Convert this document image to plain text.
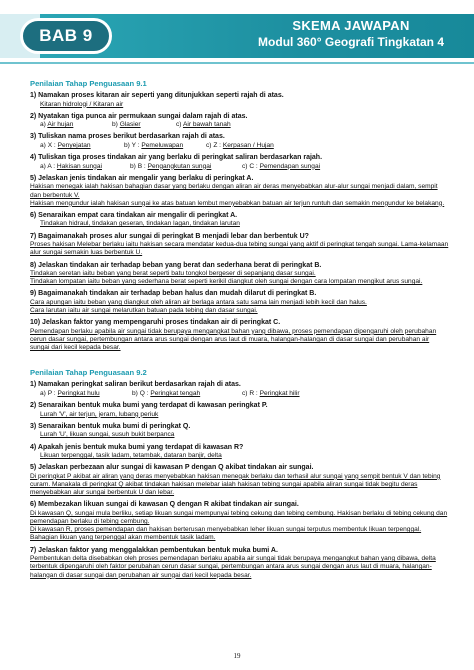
BAB 9
SKEMA JAWAPAN
Modul 360° Geografi Tingkatan 4
Penilaian Tahap Penguasaan 9.1
1) Namakan proses kitaran air seperti yang ditunjukkan seperti rajah di atas.
Kitaran hidrologi / Kitaran air
2) Nyatakan tiga punca air permukaan sungai dalam rajah di atas.
a) Air hujan	b) Glasier	c) Air bawah tanah
3) Tuliskan nama proses berikut berdasarkan rajah di atas.
a) X : Penyejatan	b) Y : Pemeluwapan	c) Z : Kerpasan / Hujan
4) Tuliskan tiga proses tindakan air yang berlaku di peringkat saliran berdasarkan rajah.
a) A : Hakisan sungai	b) B : Pengangkutan sungai	c) C : Pemendapan sungai
5) Jelaskan jenis tindakan air mengalir yang berlaku di peringkat A.
Hakisan menegak ialah hakisan bahagian dasar yang berlaku dengan aliran air deras menyebabkan alur-alur sungai menjadi dalam, sempit dan berbentuk V.
Hakisan mengundur ialah hakisan sungai ke atas batuan lembut menyebabkan batuan air terjun runtuh dan semakin mengundur ke belakang.
6) Senaraikan empat cara tindakan air mengalir di peringkat A.
Tindakan hidraul, tindakan geseran, tindakan lagan, tindakan larutan
7) Bagaimanakah proses alur sungai di peringkat B menjadi lebar dan berbentuk U?
Proses hakisan Melebar berlaku iaitu hakisan secara mendatar kedua-dua tebing sungai yang aktif di peringkat tengah sungai. Lama-kelamaan alur sungai semakin luas berbentuk U.
8) Jelaskan tindakan air terhadap beban yang berat dan sederhana berat di peringkat B.
Tindakan seretan iaitu beban yang berat seperti batu tongkol bergeser di sepanjang dasar sungai.
Tindakan lompatan iaitu beban yang sederhana berat seperti kerikil diangkut oleh sungai dengan cara lompatan mengikut arus sungai.
9) Bagaimanakah tindakan air terhadap beban halus dan mudah dilarut di peringkat B.
Cara apungan iaitu beban yang diangkut oleh aliran air berlaga antara satu sama lain menjadi lebih kecil dan halus.
Cara larutan iaitu air sungai melarutkan batuan pada tebing dan dasar sungai.
10) Jelaskan faktor yang mempengaruhi proses tindakan air di peringkat C.
Pemendapan berlaku apabila air sungai tidak berupaya mengangkat bahan yang dibawa, proses pemendapan dipengaruhi oleh perubahan cerun dasar sungai, pertembungan antara arus sungai dengan arus laut di muara, halangan-halangan di dasar sungai dan perubahan air sungai dari kecil kepada besar.
Penilaian Tahap Penguasaan 9.2
1) Namakan peringkat saliran berikut berdasarkan rajah di atas.
a) P : Peringkat hulu	b) Q : Peringkat tengah	c) R : Peringkat hilir
2) Senaraikan bentuk muka bumi yang terdapat di kawasan peringkat P.
Lurah 'V', air terjun, jeram, lubang periuk
3) Senaraikan bentuk muka bumi di peringkat Q.
Lurah 'U', likuan sungai, susuh bukit berpanca
4) Apakah jenis bentuk muka bumi yang terdapat di kawasan R?
Likuan terpenggal, tasik ladam, tetambak, dataran banjir, delta
5) Jelaskan perbezaan alur sungai di kawasan P dengan Q akibat tindakan air sungai.
Di peringkat P akibat air aliran yang deras menyebabkan hakisan menegak berlaku dan terhasil alur sungai yang sempit bentuk V dan tebing curam. Manakala di peringkat Q akibat tindakan hakisan melebar ialah hakisan tebing sungai apabila aliran sungai tidak begitu deras menyebabkan alur sungai berbentuk U dan lebar.
6) Membezakan likuan sungai di kawasan Q dengan R akibat tindakan air sungai.
Di kawasan Q, sungai mula berliku, setiap likuan sungai mempunyai tebing cekung dan tebing cembung. Hakisan berlaku di tebing cekung dan pemendapan berlaku di tebing cembung.
Di kawasan R, proses pemendapan dan hakisan berterusan menyebabkan leher likuan sungai terputus membentuk likuan terpenggal. Bahagian likuan yang terpenggal akan membentuk tasik ladam.
7) Jelaskan faktor yang menggalakkan pembentukan bentuk muka bumi A.
Pembentukan delta disebabkan oleh proses pemendapan berlaku apabila air sungai tidak berupaya mengangkut bahan yang dibawa, delta terbentuk dipengaruhi oleh faktor perubahan cerun dasar sungai, pertembungan antara arus sungai dengan arus laut di muara, halangan-halangan di dasar sungai dan perubahan air sungai dari kecil kepada besar.
19
